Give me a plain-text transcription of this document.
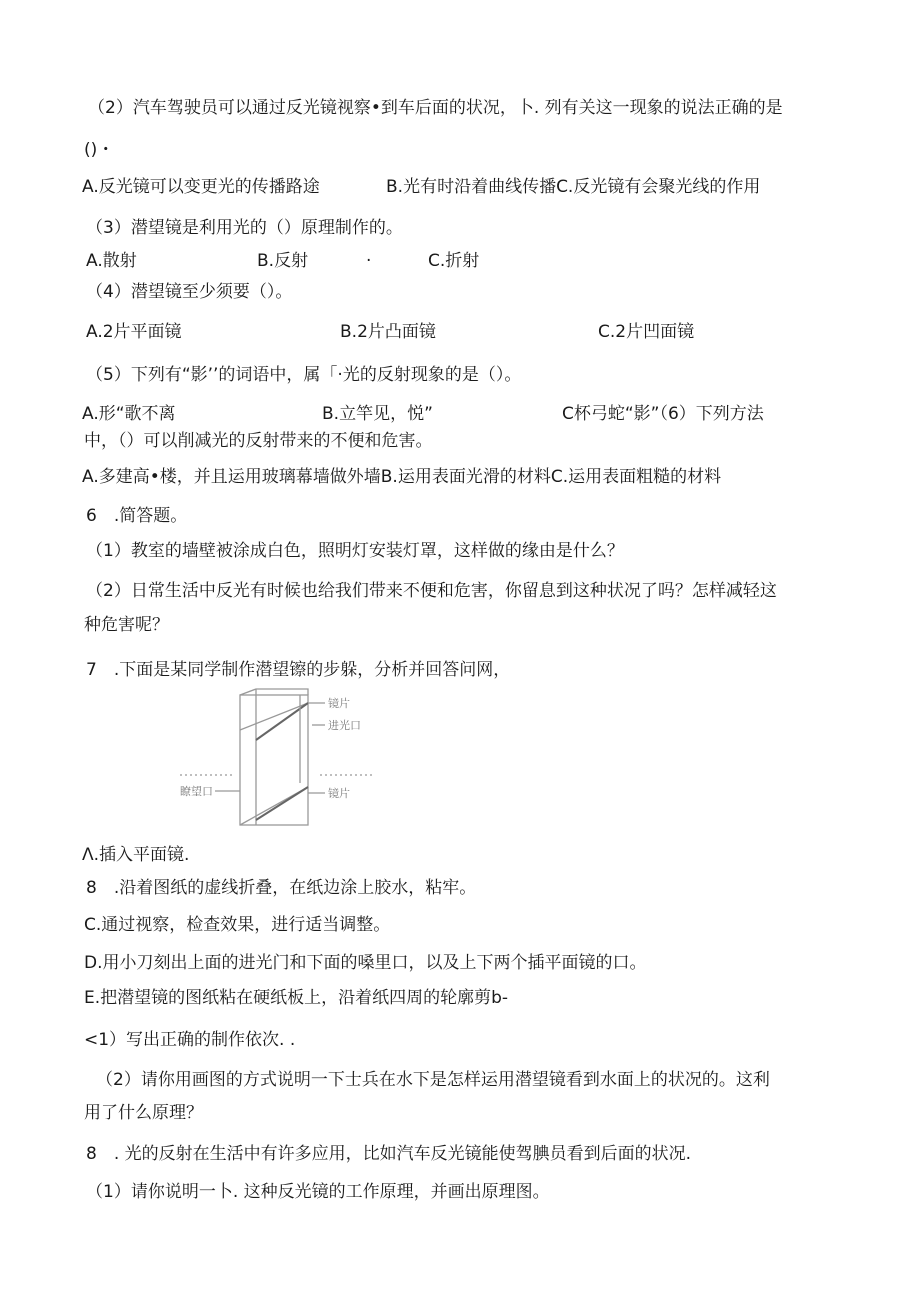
（2）汽车驾驶员可以通过反光镜视察•到车后面的状况，卜. 列有关这一现象的说法正确的是
()・
A.反光镜可以变更光的传播路途	B.光有时沿着曲线传播C.反光镜有会聚光线的作用
（3）潜望镜是利用光的（）原理制作的。
A.散射	B.反射	·	C.折射
（4）潜望镜至少须要（）。
A.2片平面镜	B.2片凸面镜	C.2片凹面镜
（5）下列有“影’’的词语中，属「·光的反射现象的是（）。
A.形“歌不离	B.立竿见，悦”	C杯弓蛇“影”（6）下列方法
中，（）可以削减光的反射带来的不便和危害。
A.多建高•楼，并且运用玻璃幕墙做外墙B.运用表面光滑的材料C.运用表面粗糙的材料
6　.简答题。
（1）教室的墙壁被涂成白色，照明灯安装灯罩，这样做的缘由是什么？
（2）日常生活中反光有时候也给我们带来不便和危害，你留息到这种状况了吗？怎样减轻这
种危害呢？
7　.下面是某同学制作潜望镲的步躲，分析并回答问网，
镜片
进光口
瞭望口	镜片
Λ.插入平面镜.
8　.沿着图纸的虚线折叠，在纸边涂上胶水，粘牢。
C.通过视察，检查效果，进行适当调整。
D.用小刀刻出上面的进光门和下面的嗓里口，以及上下两个插平面镜的口。
E.把潜望镜的图纸粘在硬纸板上，沿着纸四周的轮廓剪b-
<1）写出正确的制作依次. .
（2）请你用画图的方式说明一下士兵在水下是怎样运用潜望镜看到水面上的状况的。这利
用了什么原理？
8　. 光的反射在生活中有许多应用，比如汽车反光镜能使驾腆员看到后面的状况.
（1）请你说明一卜. 这种反光镜的工作原理，并画出原理图。
